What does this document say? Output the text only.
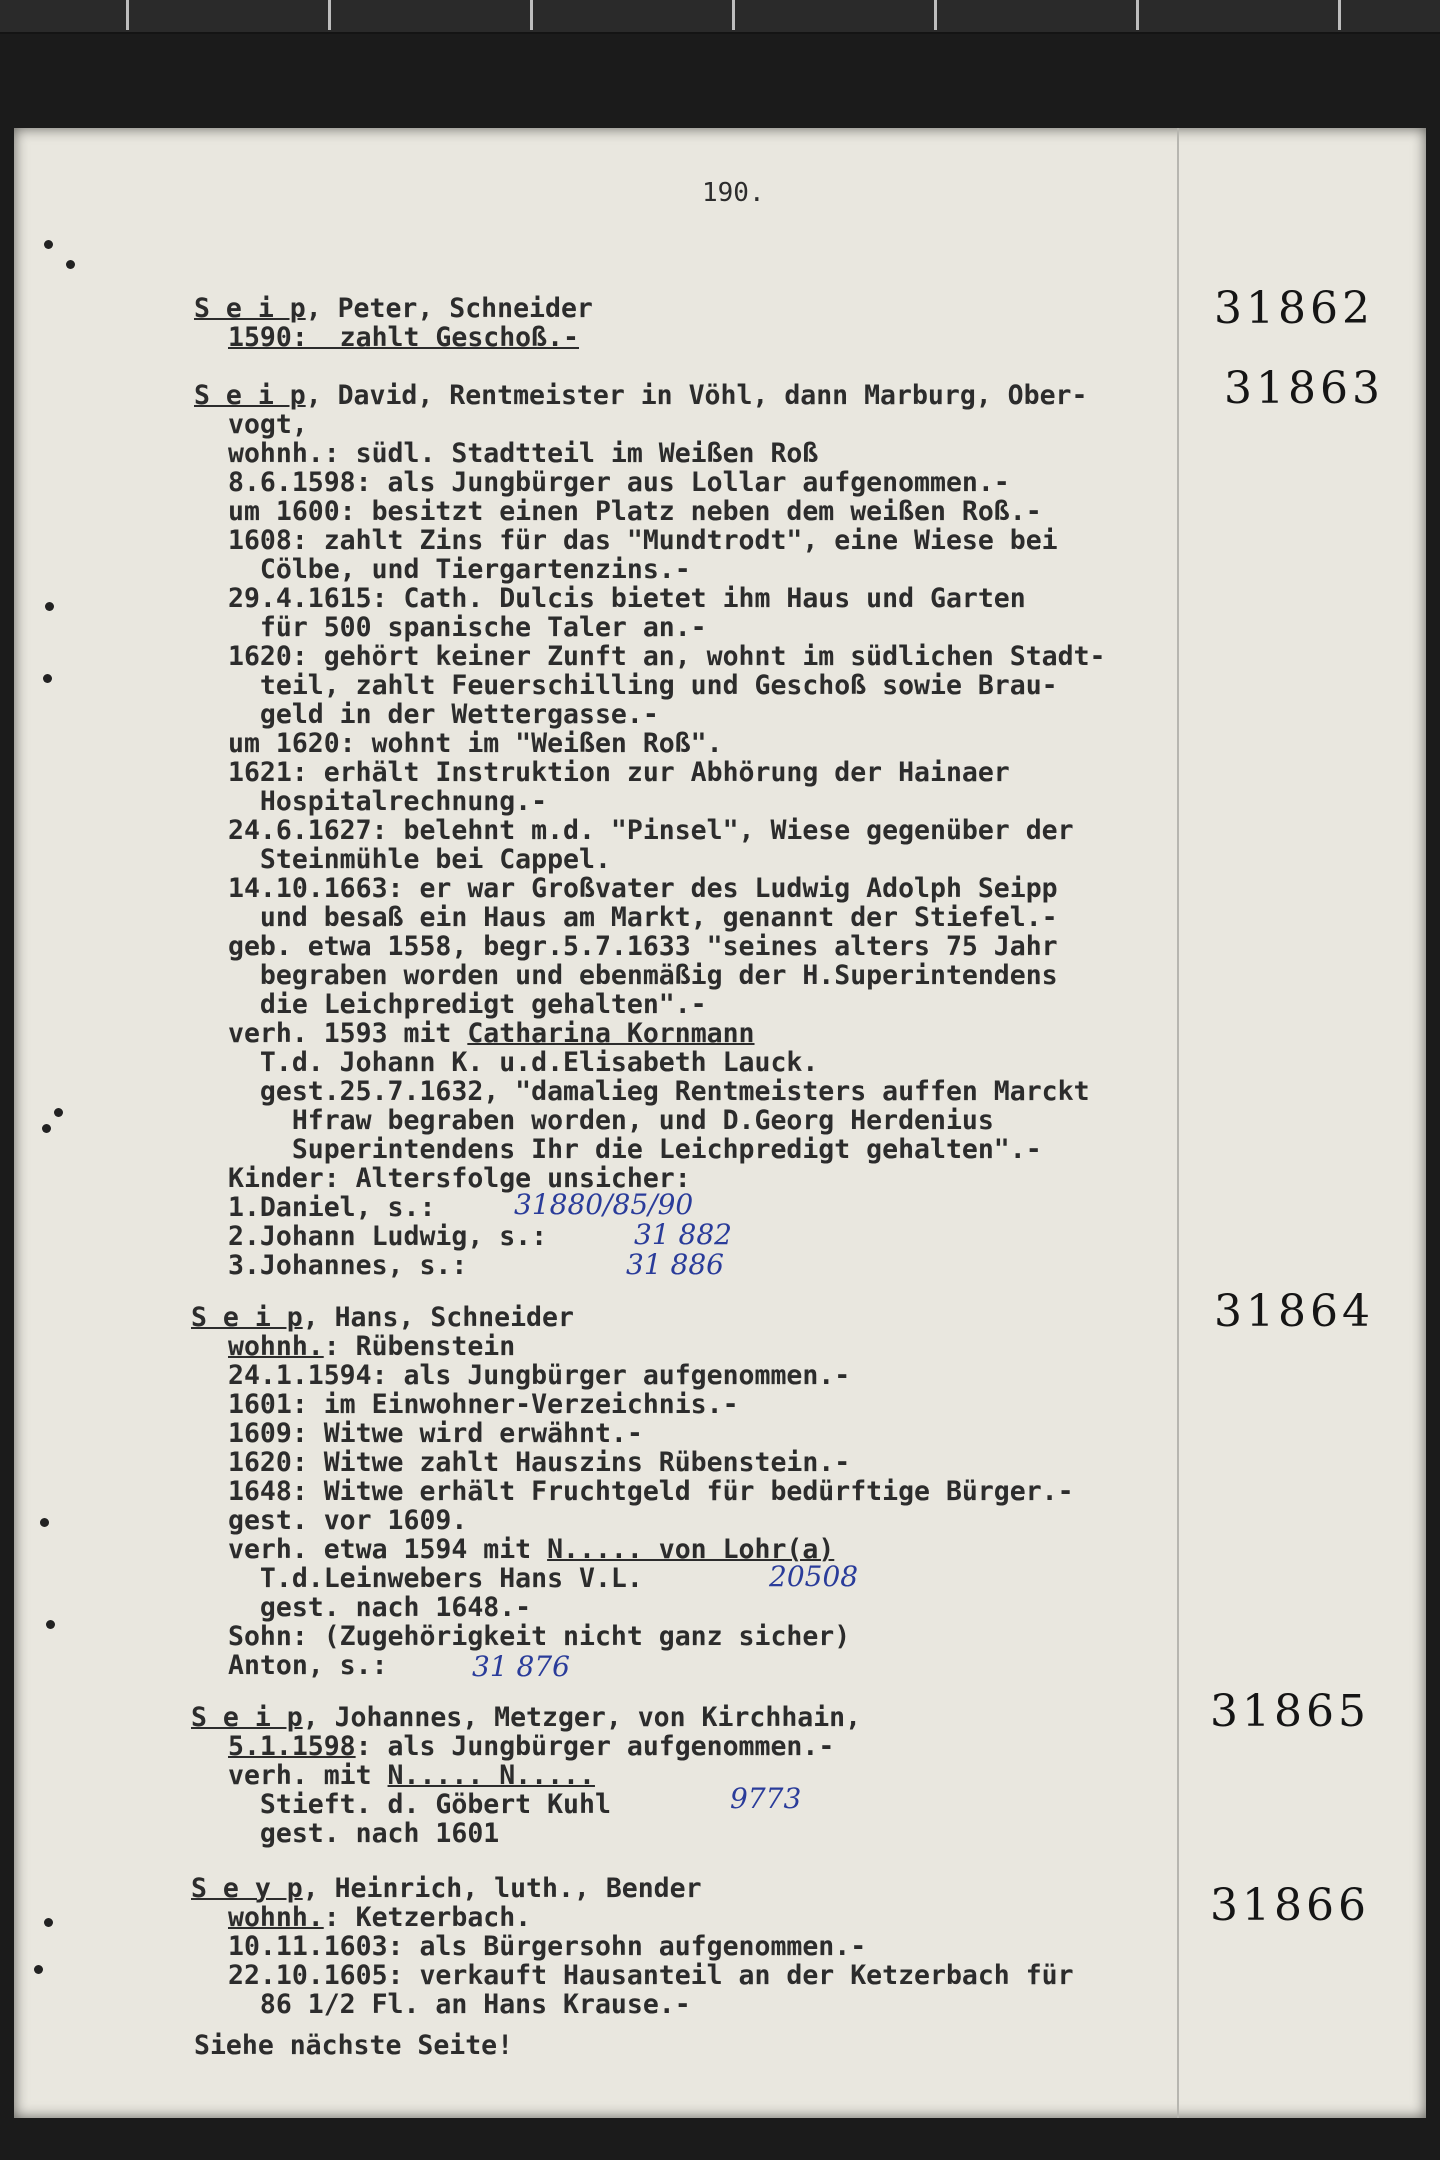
190.
31862
S e i p, Peter, Schneider
1590:  zahlt Geschoß.-
31863
S e i p, David, Rentmeister in Vöhl, dann Marburg, Ober-
vogt,
wohnh.: südl. Stadtteil im Weißen Roß
8.6.1598: als Jungbürger aus Lollar aufgenommen.-
um 1600: besitzt einen Platz neben dem weißen Roß.-
1608: zahlt Zins für das "Mundtrodt", eine Wiese bei
Cölbe, und Tiergartenzins.-
29.4.1615: Cath. Dulcis bietet ihm Haus und Garten
für 500 spanische Taler an.-
1620: gehört keiner Zunft an, wohnt im südlichen Stadt-
teil, zahlt Feuerschilling und Geschoß sowie Brau-
geld in der Wettergasse.-
um 1620: wohnt im "Weißen Roß".
1621: erhält Instruktion zur Abhörung der Hainaer
Hospitalrechnung.-
24.6.1627: belehnt m.d. "Pinsel", Wiese gegenüber der
Steinmühle bei Cappel.
14.10.1663: er war Großvater des Ludwig Adolph Seipp
und besaß ein Haus am Markt, genannt der Stiefel.-
geb. etwa 1558, begr.5.7.1633 "seines alters 75 Jahr
begraben worden und ebenmäßig der H.Superintendens
die Leichpredigt gehalten".-
verh. 1593 mit Catharina Kornmann
T.d. Johann K. u.d.Elisabeth Lauck.
gest.25.7.1632, "damalieg Rentmeisters auffen Marckt
Hfraw begraben worden, und D.Georg Herdenius
Superintendens Ihr die Leichpredigt gehalten".-
Kinder: Altersfolge unsicher:
1.Daniel, s.:
2.Johann Ludwig, s.:
3.Johannes, s.:
31880/85/90
31 882
31 886
31864
S e i p, Hans, Schneider
wohnh.: Rübenstein
24.1.1594: als Jungbürger aufgenommen.-
1601: im Einwohner-Verzeichnis.-
1609: Witwe wird erwähnt.-
1620: Witwe zahlt Hauszins Rübenstein.-
1648: Witwe erhält Fruchtgeld für bedürftige Bürger.-
gest. vor 1609.
verh. etwa 1594 mit N..... von Lohr(a)
T.d.Leinwebers Hans V.L.
gest. nach 1648.-
Sohn: (Zugehörigkeit nicht ganz sicher)
Anton, s.:
20508
31 876
31865
S e i p, Johannes, Metzger, von Kirchhain,
5.1.1598: als Jungbürger aufgenommen.-
verh. mit N..... N.....
Stieft. d. Göbert Kuhl
gest. nach 1601
9773
31866
S e y p, Heinrich, luth., Bender
wohnh.: Ketzerbach.
10.11.1603: als Bürgersohn aufgenommen.-
22.10.1605: verkauft Hausanteil an der Ketzerbach für
86 1/2 Fl. an Hans Krause.-
Siehe nächste Seite!
